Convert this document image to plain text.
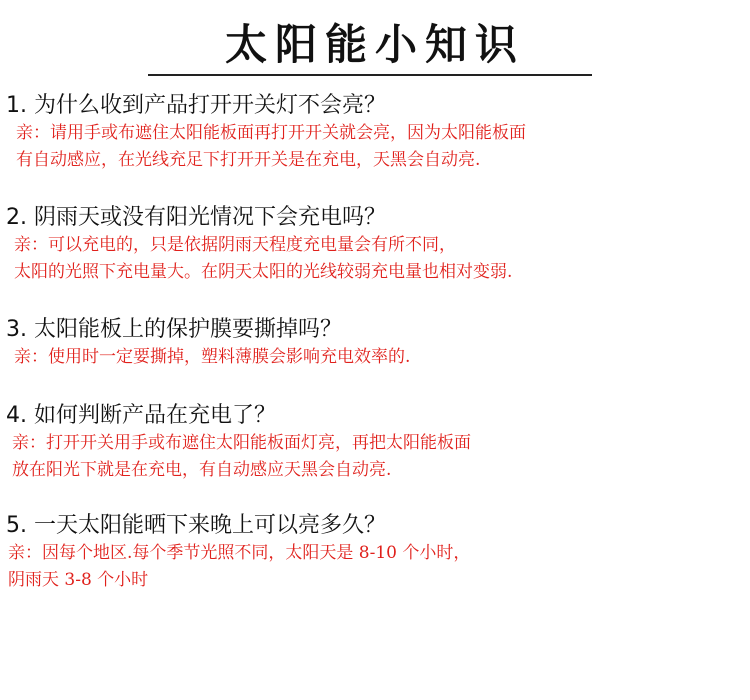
太阳能小知识

1. 为什么收到产品打开开关灯不会亮？

亲：请用手或布遮住太阳能板面再打开开关就会亮，因为太阳能板面

有自动感应，在光线充足下打开开关是在充电，天黑会自动亮.

2. 阴雨天或没有阳光情况下会充电吗？

亲：可以充电的，只是依据阴雨天程度充电量会有所不同，

太阳的光照下充电量大。在阴天太阳的光线较弱充电量也相对变弱.

3. 太阳能板上的保护膜要撕掉吗？

亲：使用时一定要撕掉，塑料薄膜会影响充电效率的.

4. 如何判断产品在充电了？

亲：打开开关用手或布遮住太阳能板面灯亮，再把太阳能板面

放在阳光下就是在充电，有自动感应天黑会自动亮.

5. 一天太阳能晒下来晚上可以亮多久？

亲：因每个地区.每个季节光照不同，太阳天是 8-10 个小时，

阴雨天 3-8 个小时
